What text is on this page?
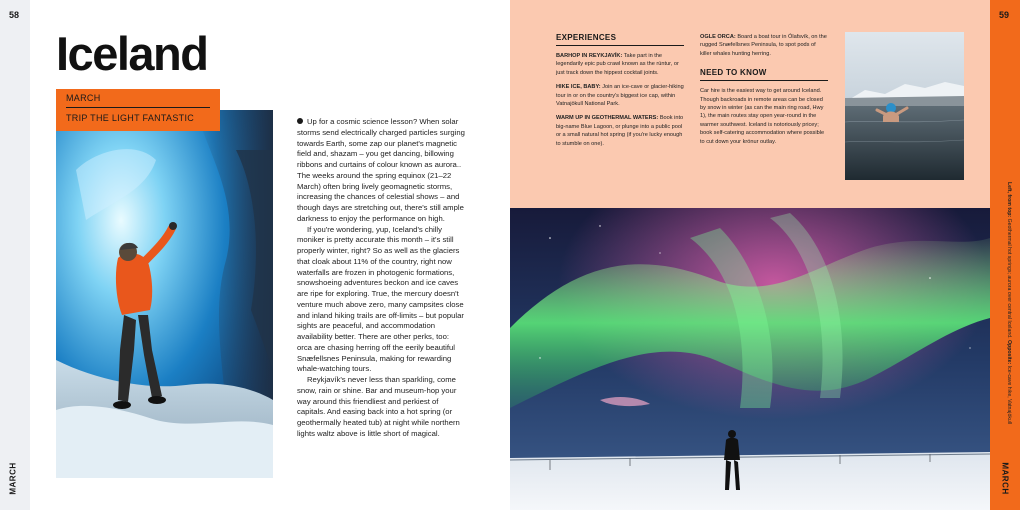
58
MARCH
Iceland
MARCH
TRIP THE LIGHT FANTASTIC	Up for a cosmic science lesson? When solar storms send electrically charged particles surging towards Earth, some zap our planet's magnetic field and, shazam – you get dancing, billowing ribbons and curtains of colour known as aurora.. The weeks around the spring equinox (21–22 March) often bring lively geomagnetic storms, increasing the chances of celestial shows – and though days are stretching out, there's still ample darkness to enjoy the performance on high.

If you're wondering, yup, Iceland's chilly moniker is pretty accurate this month – it's still properly winter, right? So as well as the glaciers that cloak about 11% of the country, right now waterfalls are frozen in photogenic formations, snowshoeing adventures beckon and ice caves are ripe for exploring. True, the mercury doesn't venture much above zero, many campsites close and inland hiking trails are off-limits – but popular sights are peaceful, and accommodation availability better. There are other perks, too: orca are chasing herring off the eerily beautiful Snæfellsnes Peninsula, making for rewarding whale-watching tours.

Reykjavík's never less than sparkling, come snow, rain or shine. Bar and museum-hop your way around this friendliest and perkiest of capitals. And easing back into a hot spring (or geothermally heated tub) at night while northern lights waltz above is little short of magical.

EXPERIENCES
BARHOP IN REYKJAVÍK: Take part in the legendarily epic pub crawl known as the rúntur, or just track down the hippest cocktail joints.
HIKE ICE, BABY: Join an ice-cave or glacier-hiking tour in or on the country's biggest ice cap, within Vatnajökull National Park.
WARM UP IN GEOTHERMAL WATERS: Book into big-name Blue Lagoon, or plunge into a public pool or a small natural hot spring (if you're lucky enough to stumble on one).
OGLE ORCA: Board a boat tour in Ólafsvík, on the rugged Snæfellsnes Peninsula, to spot pods of killer whales hunting herring.
NEED TO KNOW
Car hire is the easiest way to get around Iceland. Though backroads in remote areas can be closed by snow in winter (as can the main ring road, Hwy 1), the main routes stay open year-round in the warmer southwest. Iceland is notoriously pricey; book self-catering accommodation where possible to cut down your krónur outlay.
59
Left, from top: Geothermal hot springs; aurora over central Iceland. Opposite: Ice-cave hike, Vatnajökull
MARCH
